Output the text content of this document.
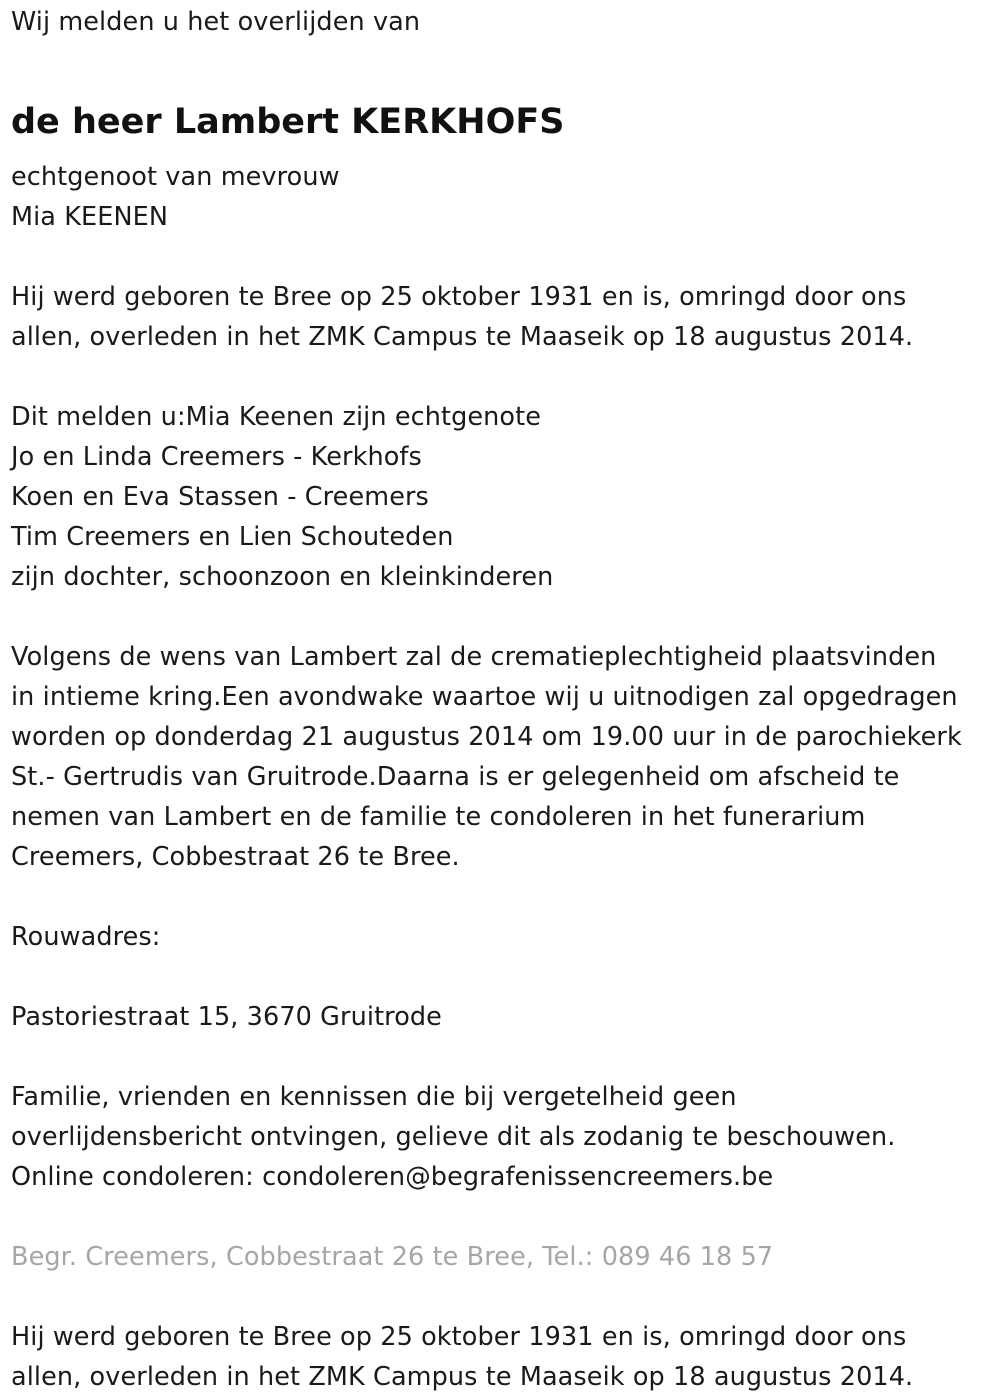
Wij melden u het overlijden van
de heer Lambert KERKHOFS
echtgenoot van mevrouw
Mia KEENEN
Hij werd geboren te Bree op 25 oktober 1931 en is, omringd door ons
allen, overleden in het ZMK Campus te Maaseik op 18 augustus 2014.
Dit melden u:Mia Keenen zijn echtgenote
Jo en Linda Creemers - Kerkhofs
Koen en Eva Stassen - Creemers
Tim Creemers en Lien Schouteden
zijn dochter, schoonzoon en kleinkinderen
Volgens de wens van Lambert zal de crematieplechtigheid plaatsvinden
in intieme kring.Een avondwake waartoe wij u uitnodigen zal opgedragen
worden op donderdag 21 augustus 2014 om 19.00 uur in de parochiekerk
St.- Gertrudis van Gruitrode.Daarna is er gelegenheid om afscheid te
nemen van Lambert en de familie te condoleren in het funerarium
Creemers, Cobbestraat 26 te Bree.
Rouwadres:
Pastoriestraat 15, 3670 Gruitrode
Familie, vrienden en kennissen die bij vergetelheid geen
overlijdensbericht ontvingen, gelieve dit als zodanig te beschouwen.
Online condoleren: condoleren@begrafenissencreemers.be
Begr. Creemers, Cobbestraat 26 te Bree, Tel.: 089 46 18 57
Hij werd geboren te Bree op 25 oktober 1931 en is, omringd door ons
allen, overleden in het ZMK Campus te Maaseik op 18 augustus 2014.
